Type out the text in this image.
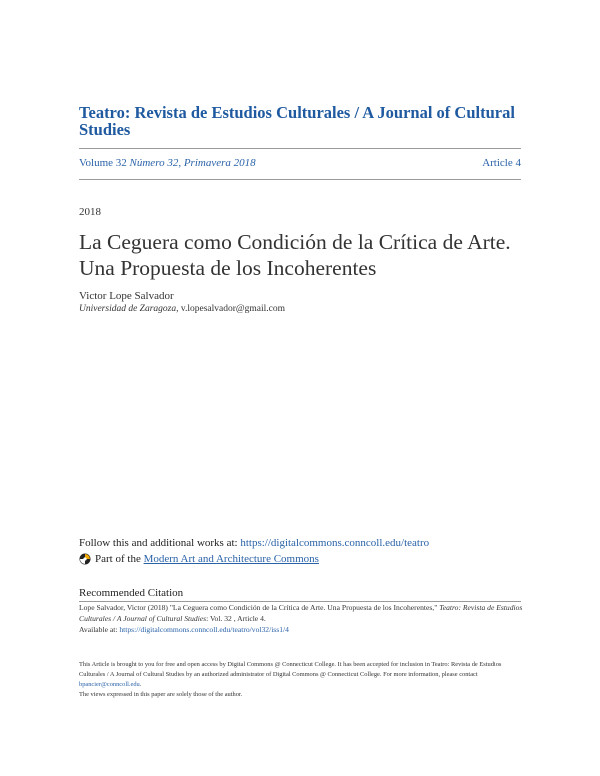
Teatro: Revista de Estudios Culturales / A Journal of Cultural Studies
Volume 32 Número 32, Primavera 2018	Article 4
2018
La Ceguera como Condición de la Crítica de Arte. Una Propuesta de los Incoherentes
Victor Lope Salvador
Universidad de Zaragoza, v.lopesalvador@gmail.com
Follow this and additional works at: https://digitalcommons.conncoll.edu/teatro
Part of the Modern Art and Architecture Commons
Recommended Citation
Lope Salvador, Victor (2018) "La Ceguera como Condición de la Crítica de Arte. Una Propuesta de los Incoherentes," Teatro: Revista de Estudios Culturales / A Journal of Cultural Studies: Vol. 32 , Article 4.
Available at: https://digitalcommons.conncoll.edu/teatro/vol32/iss1/4
This Article is brought to you for free and open access by Digital Commons @ Connecticut College. It has been accepted for inclusion in Teatro: Revista de Estudios Culturales / A Journal of Cultural Studies by an authorized administrator of Digital Commons @ Connecticut College. For more information, please contact bpancier@conncoll.edu.
The views expressed in this paper are solely those of the author.
